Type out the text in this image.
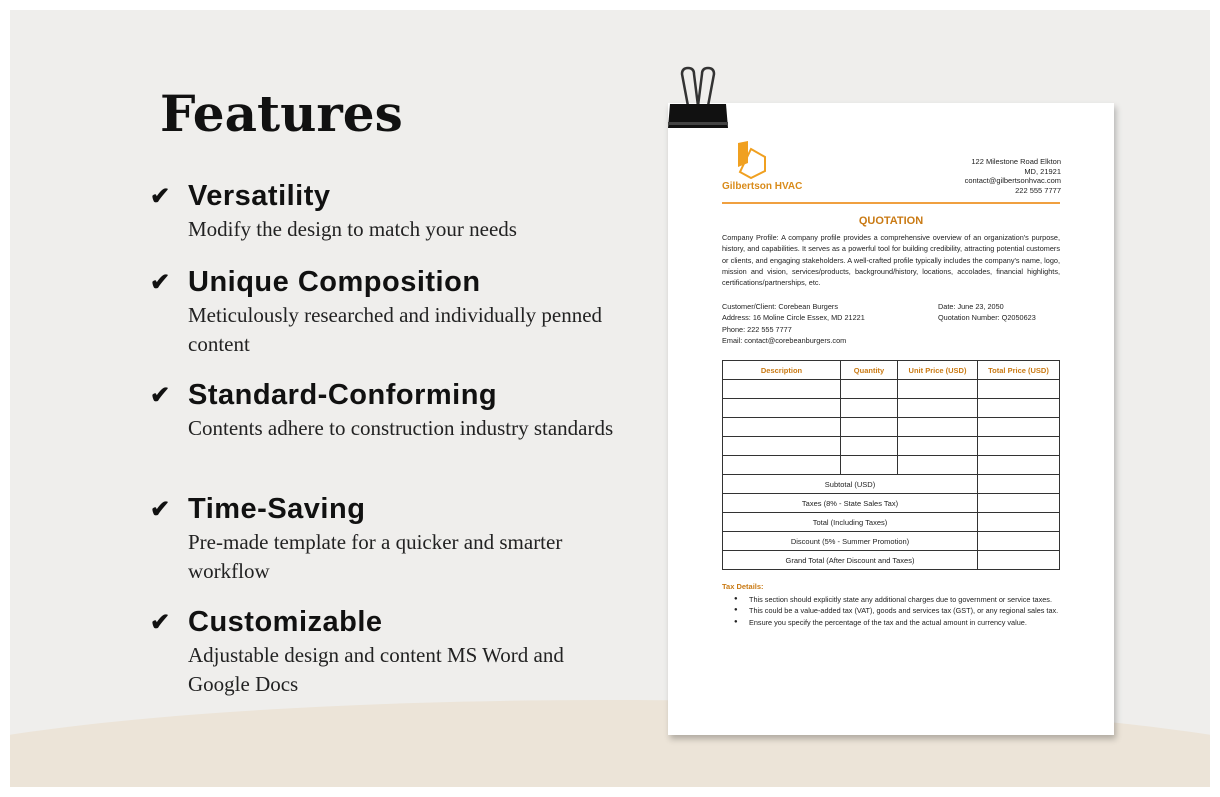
Features
✔ Versatility
Modify the design to match your needs
✔ Unique Composition
Meticulously researched and individually penned content
✔ Standard-Conforming
Contents adhere to construction industry standards
✔ Time-Saving
Pre-made template for a quicker and smarter workflow
✔ Customizable
Adjustable design and content MS Word and Google Docs
Gilbertson HVAC
122 Milestone Road Elkton
MD, 21921
contact@gilbertsonhvac.com
222 555 7777
QUOTATION
Company Profile: A company profile provides a comprehensive overview of an organization's purpose, history, and capabilities. It serves as a powerful tool for building credibility, attracting potential customers or clients, and engaging stakeholders. A well-crafted profile typically includes the company's name, logo, mission and vision, services/products, background/history, locations, accolades, financial highlights, certifications/partnerships, etc.
Customer/Client: Corebean Burgers
Address: 16 Moline Circle Essex, MD 21221
Phone: 222 555 7777
Email: contact@corebeanburgers.com
Date: June 23, 2050
Quotation Number: Q2050623
Description	Quantity	Unit Price (USD)	Total Price (USD)

Subtotal (USD)			
Taxes (8% - State Sales Tax)			
Total (Including Taxes)			
Discount (5% - Summer Promotion)			
Grand Total (After Discount and Taxes)			
Tax Details:
● This section should explicitly state any additional charges due to government or service taxes.
● This could be a value-added tax (VAT), goods and services tax (GST), or any regional sales tax.
● Ensure you specify the percentage of the tax and the actual amount in currency value.
